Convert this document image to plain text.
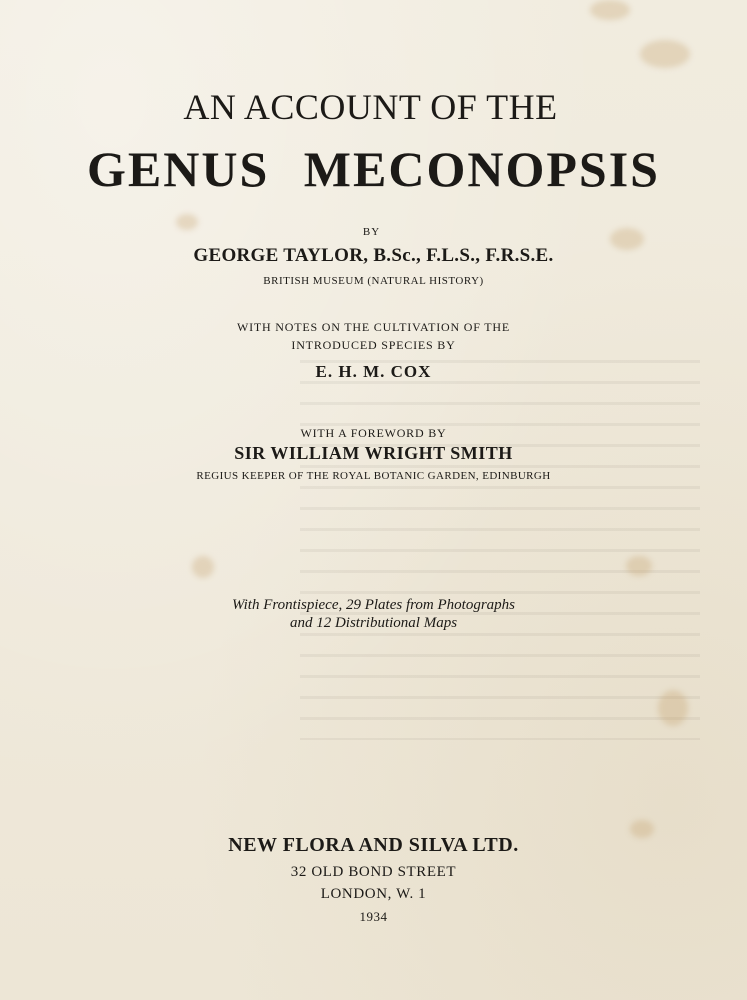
AN ACCOUNT OF THE
GENUS MECONOPSIS
BY
GEORGE TAYLOR, B.Sc., F.L.S., F.R.S.E.
BRITISH MUSEUM (NATURAL HISTORY)
WITH NOTES ON THE CULTIVATION OF THE
INTRODUCED SPECIES BY
E. H. M. COX
WITH A FOREWORD BY
SIR WILLIAM WRIGHT SMITH
REGIUS KEEPER OF THE ROYAL BOTANIC GARDEN, EDINBURGH
With Frontispiece, 29 Plates from Photographs
and 12 Distributional Maps
NEW FLORA AND SILVA LTD.
32 OLD BOND STREET
LONDON, W. 1
1934
